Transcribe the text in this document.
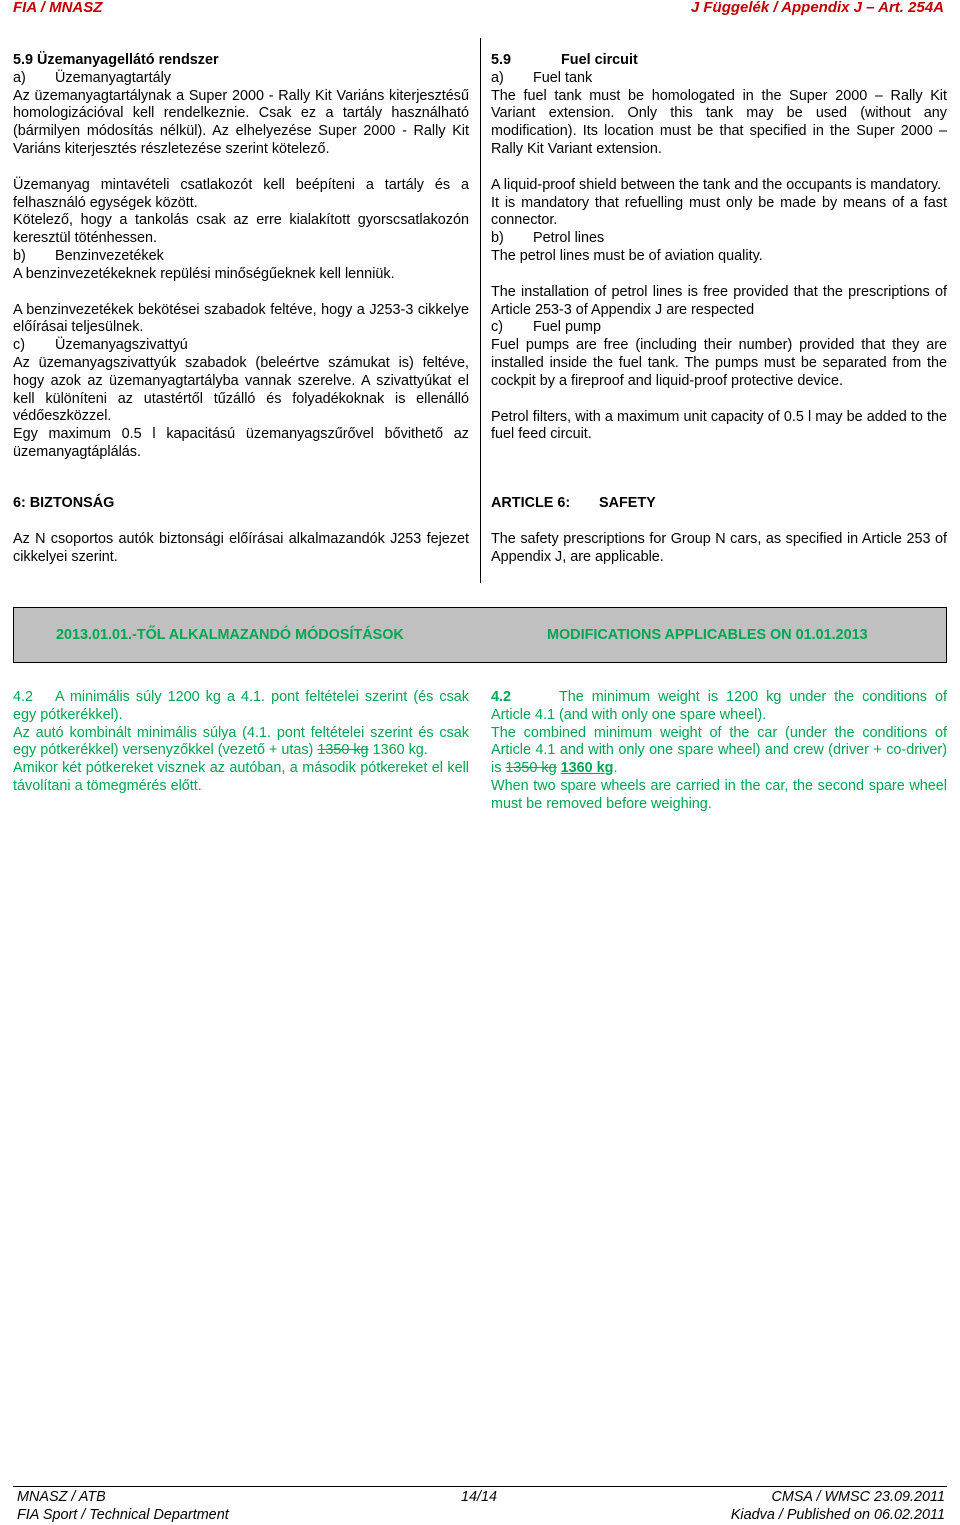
FIA / MNASZ	J Függelék / Appendix J – Art. 254A

5.9 Üzemanyagellátó rendszer

a) Üzemanyagtartály

Az üzemanyagtartálynak a Super 2000 - Rally Kit Variáns kiterjesztésű homologizációval kell rendelkeznie. Csak ez a tartály használható (bármilyen módosítás nélkül). Az elhelyezése Super 2000 - Rally Kit Variáns kiterjesztés részletezése szerint kötelező.

Üzemanyag mintavételi csatlakozót kell beépíteni a tartály és a felhasználó egységek között.

Kötelező, hogy a tankolás csak az erre kialakított gyorscsatlakozón keresztül töténhessen.

b) Benzinvezetékek

A benzinvezetékeknek repülési minőségűeknek kell lenniük.

A benzinvezetékek bekötései szabadok feltéve, hogy a J253-3 cikkelye előírásai teljesülnek.

c) Üzemanyagszivattyú

Az üzemanyagszivattyúk szabadok (beleértve számukat is) feltéve, hogy azok az üzemanyagtartályba vannak szerelve. A szivattyúkat el kell különíteni az utastértől tűzálló és folyadékoknak is ellenálló védőeszközzel.

Egy maximum 0.5 l kapacitású üzemanyagszűrővel bővithető az üzemanyagtáplálás.

5.9	Fuel circuit

a) Fuel tank

The fuel tank must be homologated in the Super 2000 – Rally Kit Variant extension. Only this tank may be used (without any modification). Its location must be that specified in the Super 2000 – Rally Kit Variant extension.

A liquid-proof shield between the tank and the occupants is mandatory.

It is mandatory that refuelling must only be made by means of a fast connector.

b) Petrol lines

The petrol lines must be of aviation quality.

The installation of petrol lines is free provided that the prescriptions of Article 253-3 of Appendix J are respected

c) Fuel pump

Fuel pumps are free (including their number) provided that they are installed inside the fuel tank. The pumps must be separated from the cockpit by a fireproof and liquid-proof protective device.

Petrol filters, with a maximum unit capacity of 0.5 l may be added to the fuel feed circuit.

6: BIZTONSÁG

Az N csoportos autók biztonsági előírásai alkalmazandók J253 fejezet cikkelyei szerint.

ARTICLE 6: SAFETY

The safety prescriptions for Group N cars, as specified in Article 253 of Appendix J, are applicable.

2013.01.01.-TŐL ALKALMAZANDÓ MÓDOSÍTÁSOK	MODIFICATIONS APPLICABLES ON 01.01.2013

4.2 A minimális súly 1200 kg a 4.1. pont feltételei szerint (és csak egy pótkerékkel).

Az autó kombinált minimális súlya (4.1. pont feltételei szerint és csak egy pótkerékkel) versenyzőkkel (vezető + utas) 1350 kg 1360 kg.

Amikor két pótkereket visznek az autóban, a második pótkereket el kell távolítani a tömegmérés előtt.

4.2	The minimum weight is 1200 kg under the conditions of Article 4.1 (and with only one spare wheel).

The combined minimum weight of the car (under the conditions of Article 4.1 and with only one spare wheel) and crew (driver + co-driver) is 1350 kg 1360 kg.

When two spare wheels are carried in the car, the second spare wheel must be removed before weighing.

MNASZ / ATB	14/14	CMSA / WMSC 23.09.2011
FIA Sport / Technical Department	Kiadva / Published on 06.02.2011
